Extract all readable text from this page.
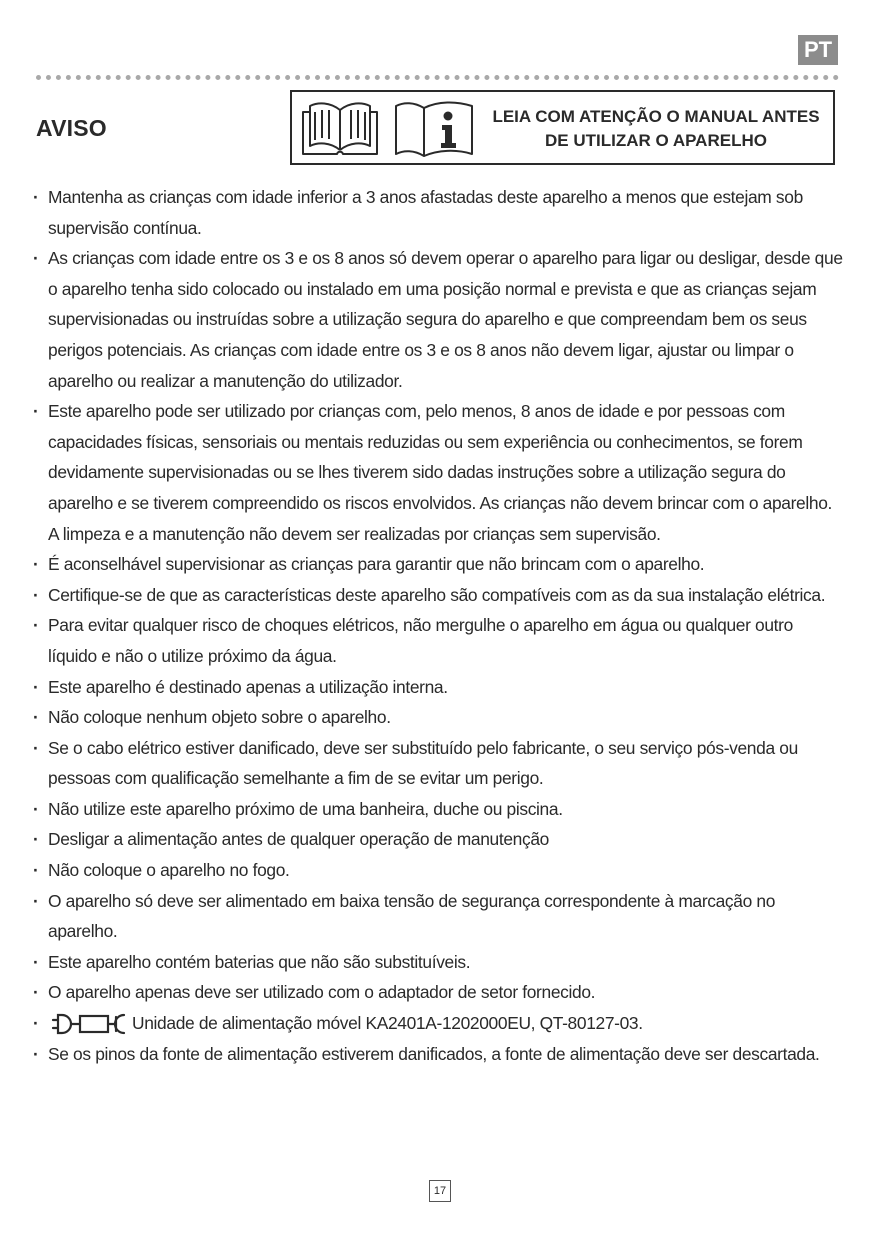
PT
AVISO	LEIA COM ATENÇÃO O MANUAL ANTES DE UTILIZAR O APARELHO
· Mantenha as crianças com idade inferior a 3 anos afastadas deste aparelho a menos que estejam sob supervisão contínua.
· As crianças com idade entre os 3 e os 8 anos só devem operar o aparelho para ligar ou desligar, desde que o aparelho tenha sido colocado ou instalado em uma posição normal e prevista e que as crianças sejam supervisionadas ou instruídas sobre a utilização segura do aparelho e que compreendam bem os seus perigos potenciais. As crianças com idade entre os 3 e os 8 anos não devem ligar, ajustar ou limpar o aparelho ou realizar a manutenção do utilizador.
· Este aparelho pode ser utilizado por crianças com, pelo menos, 8 anos de idade e por pessoas com capacidades físicas, sensoriais ou mentais reduzidas ou sem experiência ou conhecimentos, se forem devidamente supervisionadas ou se lhes tiverem sido dadas instruções sobre a utilização segura do aparelho e se tiverem compreendido os riscos envolvidos. As crianças não devem brincar com o aparelho. A limpeza e a manutenção não devem ser realizadas por crianças sem supervisão.
· É aconselhável supervisionar as crianças para garantir que não brincam com o aparelho.
· Certifique-se de que as características deste aparelho são compatíveis com as da sua instalação elétrica.
· Para evitar qualquer risco de choques elétricos, não mergulhe o aparelho em água ou qualquer outro líquido e não o utilize próximo da água.
· Este aparelho é destinado apenas a utilização interna.
· Não coloque nenhum objeto sobre o aparelho.
· Se o cabo elétrico estiver danificado, deve ser substituído pelo fabricante, o seu serviço pós-venda ou pessoas com qualificação semelhante a fim de se evitar um perigo.
· Não utilize este aparelho próximo de uma banheira, duche ou piscina.
· Desligar a alimentação antes de qualquer operação de manutenção
· Não coloque o aparelho no fogo.
· O aparelho só deve ser alimentado em baixa tensão de segurança correspondente à marcação no aparelho.
· Este aparelho contém baterias que não são substituíveis.
· O aparelho apenas deve ser utilizado com o adaptador de setor fornecido.
· Unidade de alimentação móvel KA2401A-1202000EU, QT-80127-03.
· Se os pinos da fonte de alimentação estiverem danificados, a fonte de alimentação deve ser descartada.
17
